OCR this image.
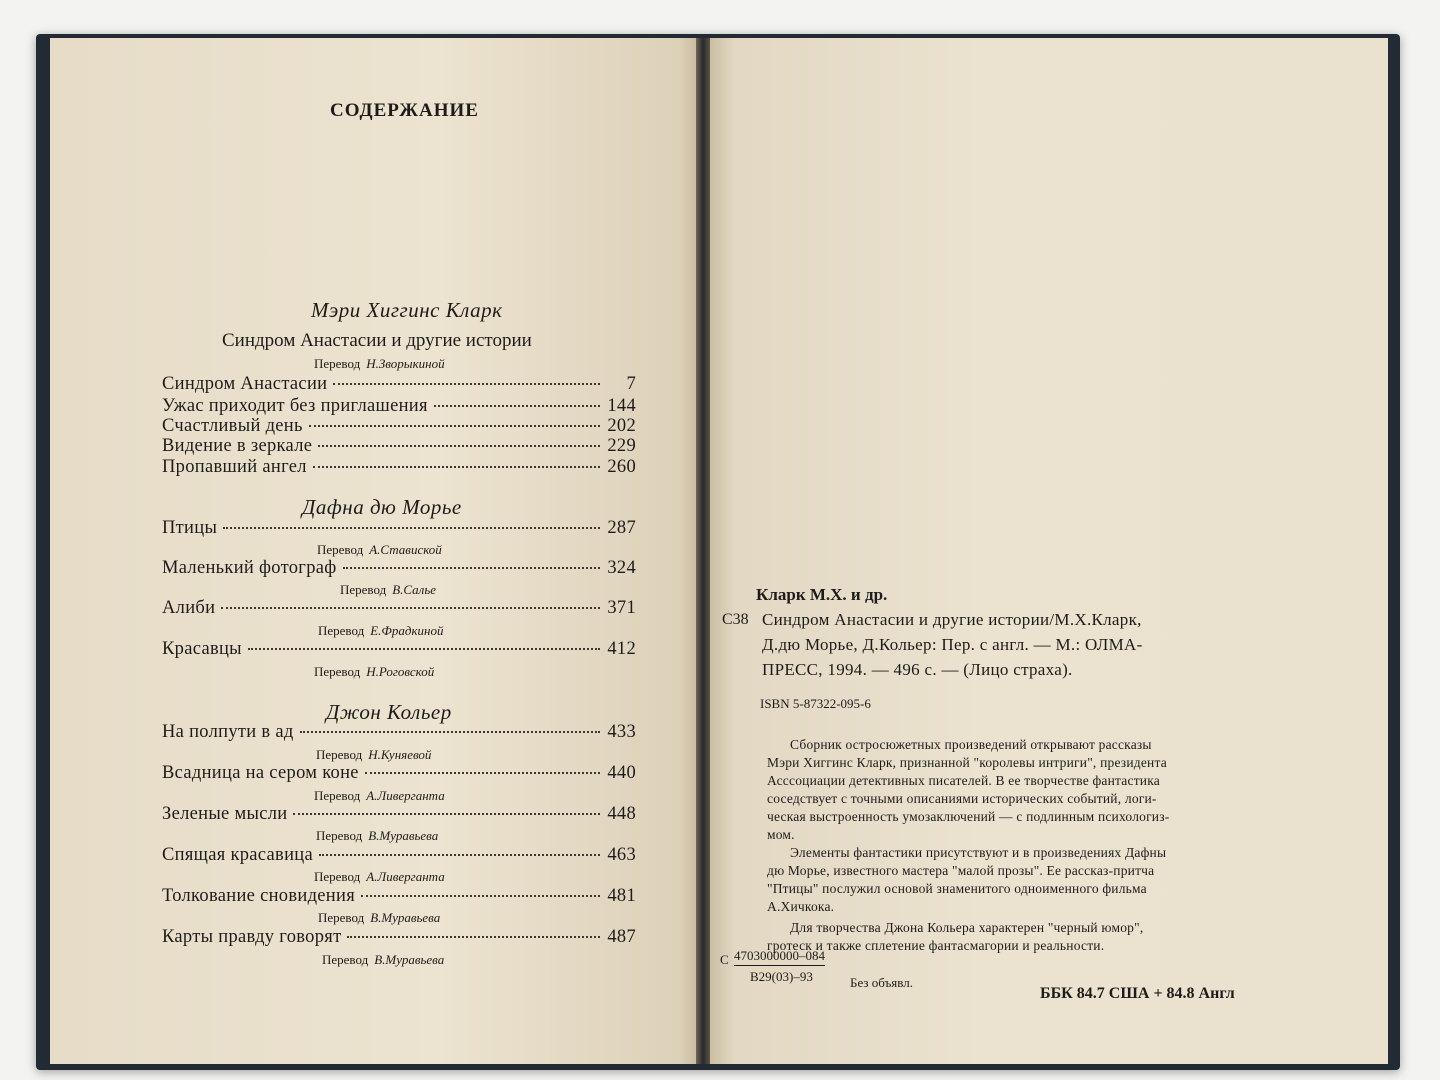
СОДЕРЖАНИЕ
Мэри Хиггинс Кларк
Синдром Анастасии и другие истории
Перевод Н.Зворыкиной
Синдром Анастасии	7
Ужас приходит без приглашения	144
Счастливый день	202
Видение в зеркале	229
Пропавший ангел	260
Дафна дю Морье
Птицы	287
Перевод А.Ставиской
Маленький фотограф	324
Перевод В.Салье
Алиби	371
Перевод Е.Фрадкиной
Красавцы	412
Перевод Н.Роговской
Джон Кольер
На полпути в ад	433
Перевод Н.Куняевой
Всадница на сером коне	440
Перевод А.Ливерганта
Зеленые мысли	448
Перевод В.Муравьева
Спящая красавица	463
Перевод А.Ливерганта
Толкование сновидения	481
Перевод В.Муравьева
Карты правду говорят	487
Перевод В.Муравьева
Кларк М.Х. и др.
С38 Синдром Анастасии и другие истории/М.Х.Кларк,
Д.дю Морье, Д.Кольер: Пер. с англ. — М.: ОЛМА-
ПРЕСС, 1994. — 496 с. — (Лицо страха).
ISBN 5-87322-095-6
Сборник остросюжетных произведений открывают рассказы
Мэри Хиггинс Кларк, признанной "королевы интриги", президента
Асссоциации детективных писателей. В ее творчестве фантастика
соседствует с точными описаниями исторических событий, логи-
ческая выстроенность умозаключений — с подлинным психологиз-
мом.
Элементы фантастики присутствуют и в произведениях Дафны
дю Морье, известного мастера "малой прозы". Ее рассказ-притча
"Птицы" послужил основой знаменитого одноименного фильма
А.Хичкока.
Для творчества Джона Кольера характерен "черный юмор",
гротеск и также сплетение фантасмагории и реальности.
С 4703000000–084
В29(03)–93	Без объявл.
ББК 84.7 США + 84.8 Англ
